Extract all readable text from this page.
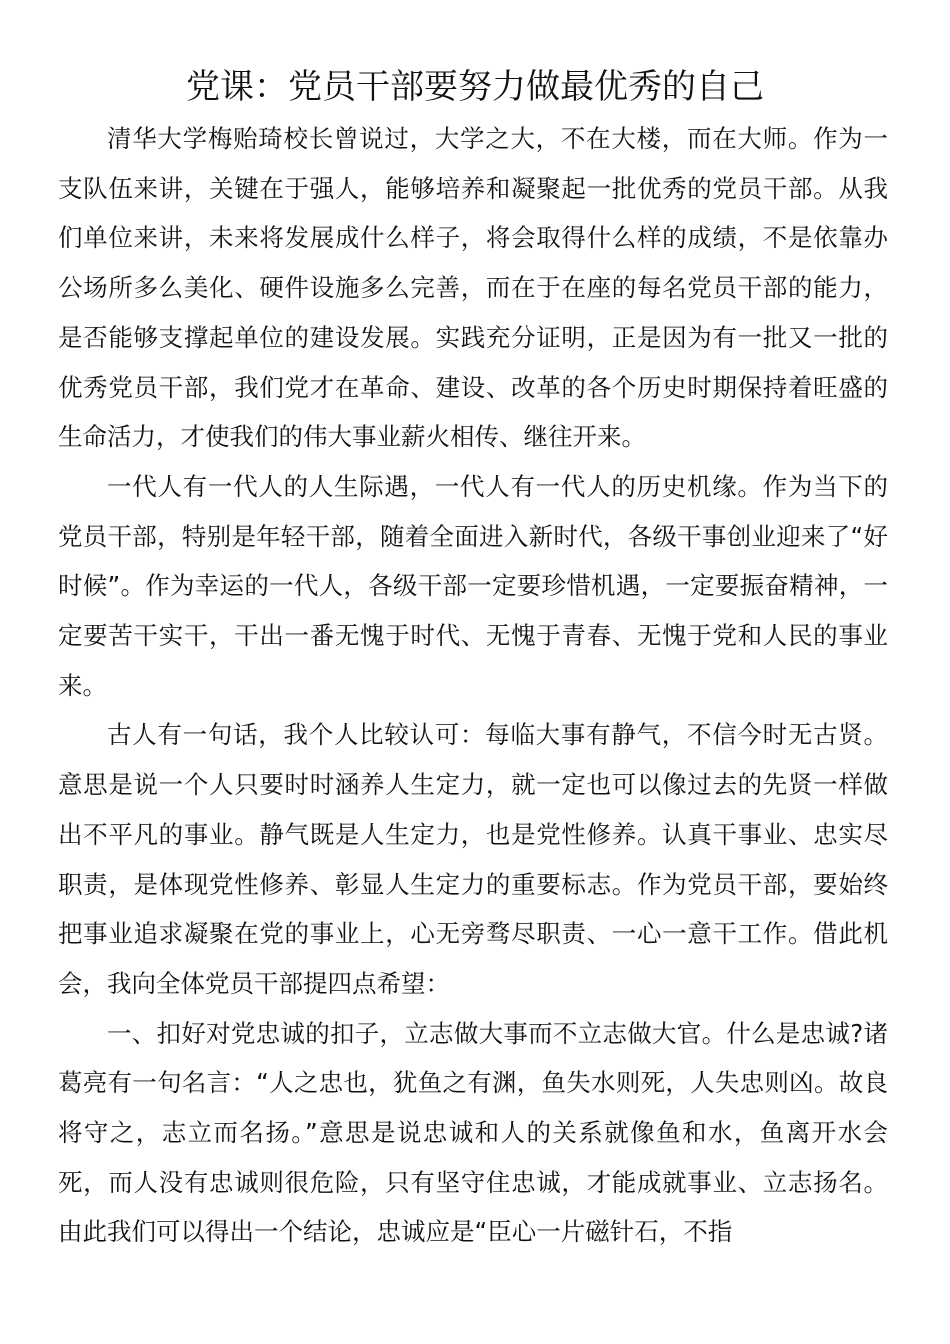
党课：党员干部要努力做最优秀的自己

清华大学梅贻琦校长曾说过，大学之大，不在大楼，而在大师。作为一支队伍来讲，关键在于强人，能够培养和凝聚起一批优秀的党员干部。从我们单位来讲，未来将发展成什么样子，将会取得什么样的成绩，不是依靠办公场所多么美化、硬件设施多么完善，而在于在座的每名党员干部的能力，是否能够支撑起单位的建设发展。实践充分证明，正是因为有一批又一批的优秀党员干部，我们党才在革命、建设、改革的各个历史时期保持着旺盛的生命活力，才使我们的伟大事业薪火相传、继往开来。

一代人有一代人的人生际遇，一代人有一代人的历史机缘。作为当下的党员干部，特别是年轻干部，随着全面进入新时代，各级干事创业迎来了“好时候”。作为幸运的一代人，各级干部一定要珍惜机遇，一定要振奋精神，一定要苦干实干，干出一番无愧于时代、无愧于青春、无愧于党和人民的事业来。

古人有一句话，我个人比较认可：每临大事有静气，不信今时无古贤。意思是说一个人只要时时涵养人生定力，就一定也可以像过去的先贤一样做出不平凡的事业。静气既是人生定力，也是党性修养。认真干事业、忠实尽职责，是体现党性修养、彰显人生定力的重要标志。作为党员干部，要始终把事业追求凝聚在党的事业上，心无旁骛尽职责、一心一意干工作。借此机会，我向全体党员干部提四点希望：

一、扣好对党忠诚的扣子，立志做大事而不立志做大官。什么是忠诚?诸葛亮有一句名言：“人之忠也，犹鱼之有渊，鱼失水则死，人失忠则凶。故良将守之，志立而名扬。”意思是说忠诚和人的关系就像鱼和水，鱼离开水会死，而人没有忠诚则很危险，只有坚守住忠诚，才能成就事业、立志扬名。由此我们可以得出一个结论，忠诚应是“臣心一片磁针石，不指
